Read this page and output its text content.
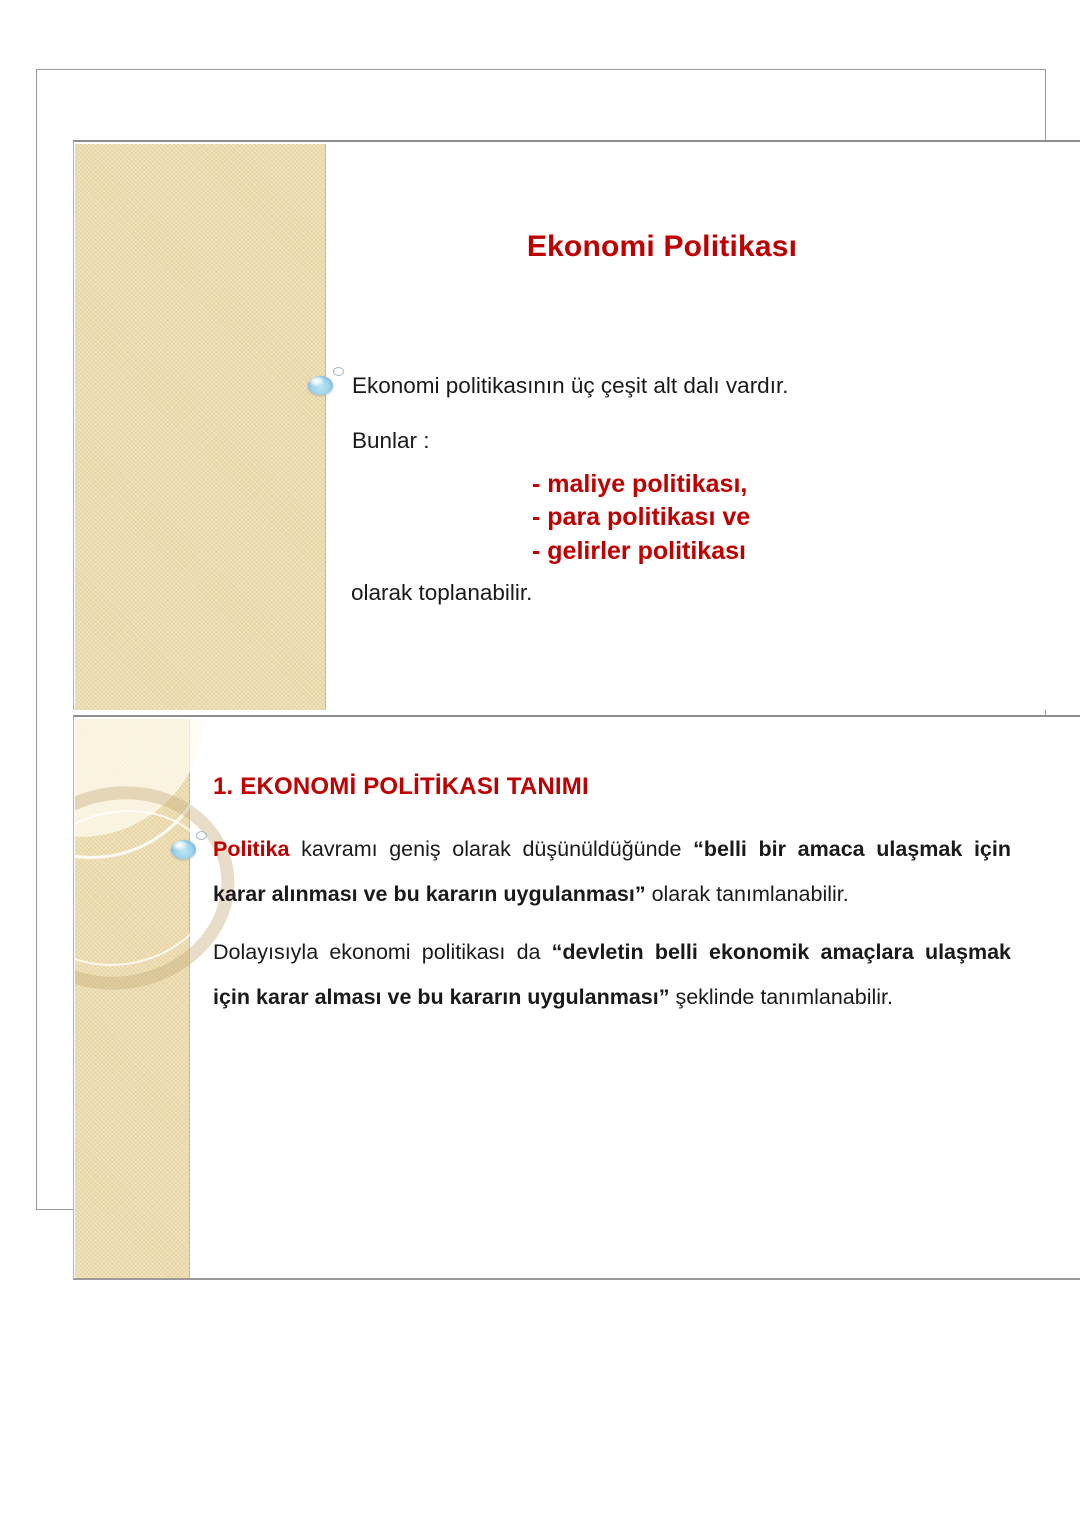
Ekonomi Politikası
Ekonomi politikasının üç çeşit alt dalı vardır.
Bunlar :
- maliye politikası,
- para politikası ve
- gelirler politikası
olarak toplanabilir.
1. EKONOMİ POLİTİKASI TANIMI

Politika kavramı geniş olarak düşünüldüğünde “belli bir amaca ulaşmak için karar alınması ve bu kararın uygulanması” olarak tanımlanabilir.

Dolayısıyla ekonomi politikası da “devletin belli ekonomik amaçlara ulaşmak için karar alması ve bu kararın uygulanması” şeklinde tanımlanabilir.
